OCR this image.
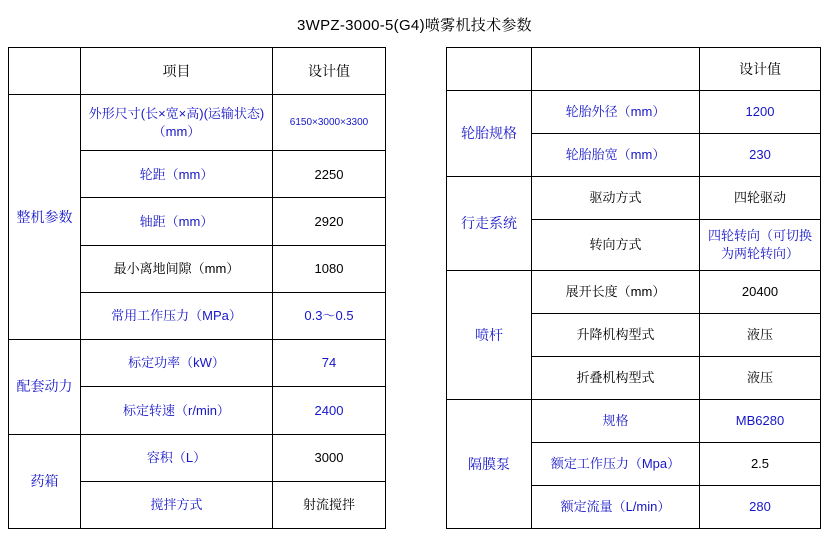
3WPZ-3000-5(G4)喷雾机技术参数
	项目	设计值
整机参数	外形尺寸(长×宽×高)(运输状态)（mm）	6150×3000×3300
	轮距（mm）	2250
	轴距（mm）	2920
	最小离地间隙（mm）	1080
	常用工作压力（MPa）	0.3～0.5
配套动力	标定功率（kW）	74
	标定转速（r/min）	2400
药箱	容积（L）	3000
	搅拌方式	射流搅拌
		设计值
轮胎规格	轮胎外径（mm）	1200
	轮胎胎宽（mm）	230
行走系统	驱动方式	四轮驱动
	转向方式	四轮转向（可切换为两轮转向）
喷杆	展开长度（mm）	20400
	升降机构型式	液压
	折叠机构型式	液压
隔膜泵	规格	MB6280
	额定工作压力（Mpa）	2.5
	额定流量（L/min）	280
